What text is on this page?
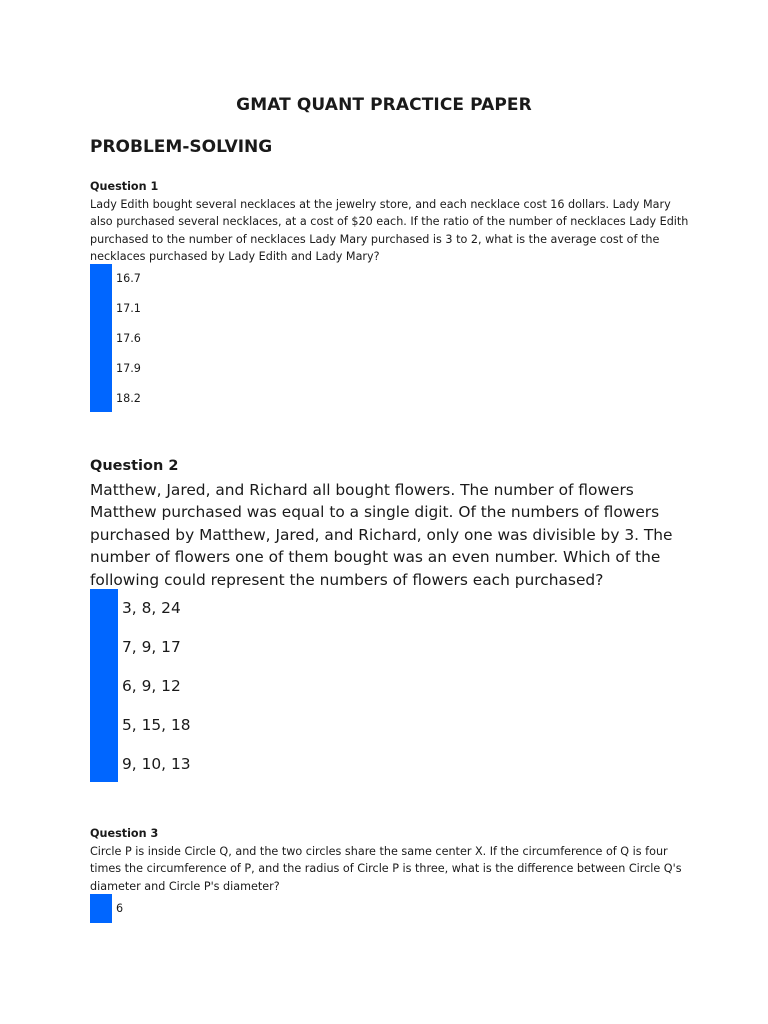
GMAT QUANT PRACTICE PAPER
PROBLEM-SOLVING
Question 1
Lady Edith bought several necklaces at the jewelry store, and each necklace cost 16 dollars. Lady Mary also purchased several necklaces, at a cost of $20 each. If the ratio of the number of necklaces Lady Edith purchased to the number of necklaces Lady Mary purchased is 3 to 2, what is the average cost of the necklaces purchased by Lady Edith and Lady Mary?
16.7
17.1
17.6
17.9
18.2
Question 2
Matthew, Jared, and Richard all bought flowers. The number of flowers Matthew purchased was equal to a single digit. Of the numbers of flowers purchased by Matthew, Jared, and Richard, only one was divisible by 3. The number of flowers one of them bought was an even number. Which of the following could represent the numbers of flowers each purchased?
3, 8, 24
7, 9, 17
6, 9, 12
5, 15, 18
9, 10, 13
Question 3
Circle P is inside Circle Q, and the two circles share the same center X. If the circumference of Q is four times the circumference of P, and the radius of Circle P is three, what is the difference between Circle Q's diameter and Circle P's diameter?
6
